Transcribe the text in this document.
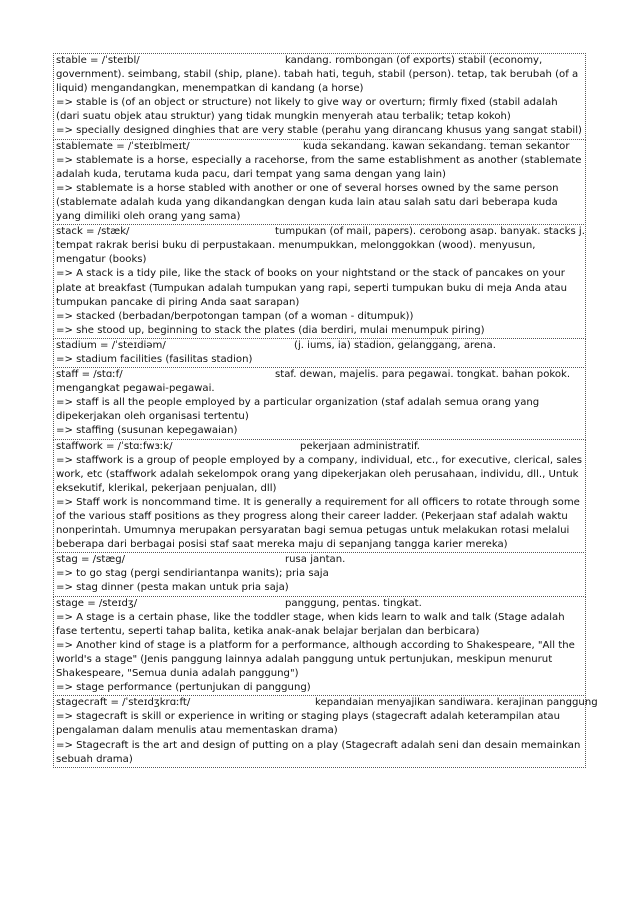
stable = /ˈsteɪbl/	kandang. rombongan (of exports) stabil (economy,
government). seimbang, stabil (ship, plane). tabah hati, teguh, stabil (person). tetap, tak berubah (of a liquid) mengandangkan, menempatkan di kandang (a horse)
=> stable is (of an object or structure) not likely to give way or overturn; firmly fixed (stabil adalah (dari suatu objek atau struktur) yang tidak mungkin menyerah atau terbalik; tetap kokoh)
=> specially designed dinghies that are very stable (perahu yang dirancang khusus yang sangat stabil)
stablemate = /ˈsteɪblmeɪt/	kuda sekandang. kawan sekandang. teman sekantor
=> stablemate is a horse, especially a racehorse, from the same establishment as another (stablemate adalah kuda, terutama kuda pacu, dari tempat yang sama dengan yang lain)
=> stablemate is a horse stabled with another or one of several horses owned by the same person (stablemate adalah kuda yang dikandangkan dengan kuda lain atau salah satu dari beberapa kuda yang dimiliki oleh orang yang sama)
stack = /stæk/	tumpukan (of mail, papers). cerobong asap. banyak. stacks j.
tempat rakrak berisi buku di perpustakaan. menumpukkan, melonggokkan (wood). menyusun, mengatur (books)
=> A stack is a tidy pile, like the stack of books on your nightstand or the stack of pancakes on your plate at breakfast (Tumpukan adalah tumpukan yang rapi, seperti tumpukan buku di meja Anda atau tumpukan pancake di piring Anda saat sarapan)
=> stacked (berbadan/berpotongan tampan (of a woman - ditumpuk))
=> she stood up, beginning to stack the plates (dia berdiri, mulai menumpuk piring)
stadium = /ˈsteɪdiəm/	(j. iums, ia) stadion, gelanggang, arena.
=> stadium facilities (fasilitas stadion)
staff = /stɑːf/	staf. dewan, majelis. para pegawai. tongkat. bahan pokok.
mengangkat pegawai-pegawai.
=> staff is all the people employed by a particular organization (staf adalah semua orang yang dipekerjakan oleh organisasi tertentu)
=> staffing (susunan kepegawaian)
staffwork = /ˈstɑːfwɜːk/	pekerjaan administratif.
=> staffwork is a group of people employed by a company, individual, etc., for executive, clerical, sales work, etc (staffwork adalah sekelompok orang yang dipekerjakan oleh perusahaan, individu, dll., Untuk eksekutif, klerikal, pekerjaan penjualan, dll)
=> Staff work is noncommand time. It is generally a requirement for all officers to rotate through some of the various staff positions as they progress along their career ladder. (Pekerjaan staf adalah waktu nonperintah. Umumnya merupakan persyaratan bagi semua petugas untuk melakukan rotasi melalui beberapa dari berbagai posisi staf saat mereka maju di sepanjang tangga karier mereka)
stag = /stæg/	rusa jantan.
=> to go stag (pergi sendiriantanpa wanits); pria saja
=> stag dinner (pesta makan untuk pria saja)
stage = /steɪdʒ/	panggung, pentas. tingkat.
=> A stage is a certain phase, like the toddler stage, when kids learn to walk and talk (Stage adalah fase tertentu, seperti tahap balita, ketika anak-anak belajar berjalan dan berbicara)
=> Another kind of stage is a platform for a performance, although according to Shakespeare, "All the world's a stage" (Jenis panggung lainnya adalah panggung untuk pertunjukan, meskipun menurut Shakespeare, "Semua dunia adalah panggung")
=> stage performance (pertunjukan di panggung)
stagecraft = /ˈsteɪdʒkrɑːft/	kepandaian menyajikan sandiwara. kerajinan panggung
=> stagecraft is skill or experience in writing or staging plays (stagecraft adalah keterampilan atau pengalaman dalam menulis atau mementaskan drama)
=> Stagecraft is the art and design of putting on a play (Stagecraft adalah seni dan desain memainkan sebuah drama)
